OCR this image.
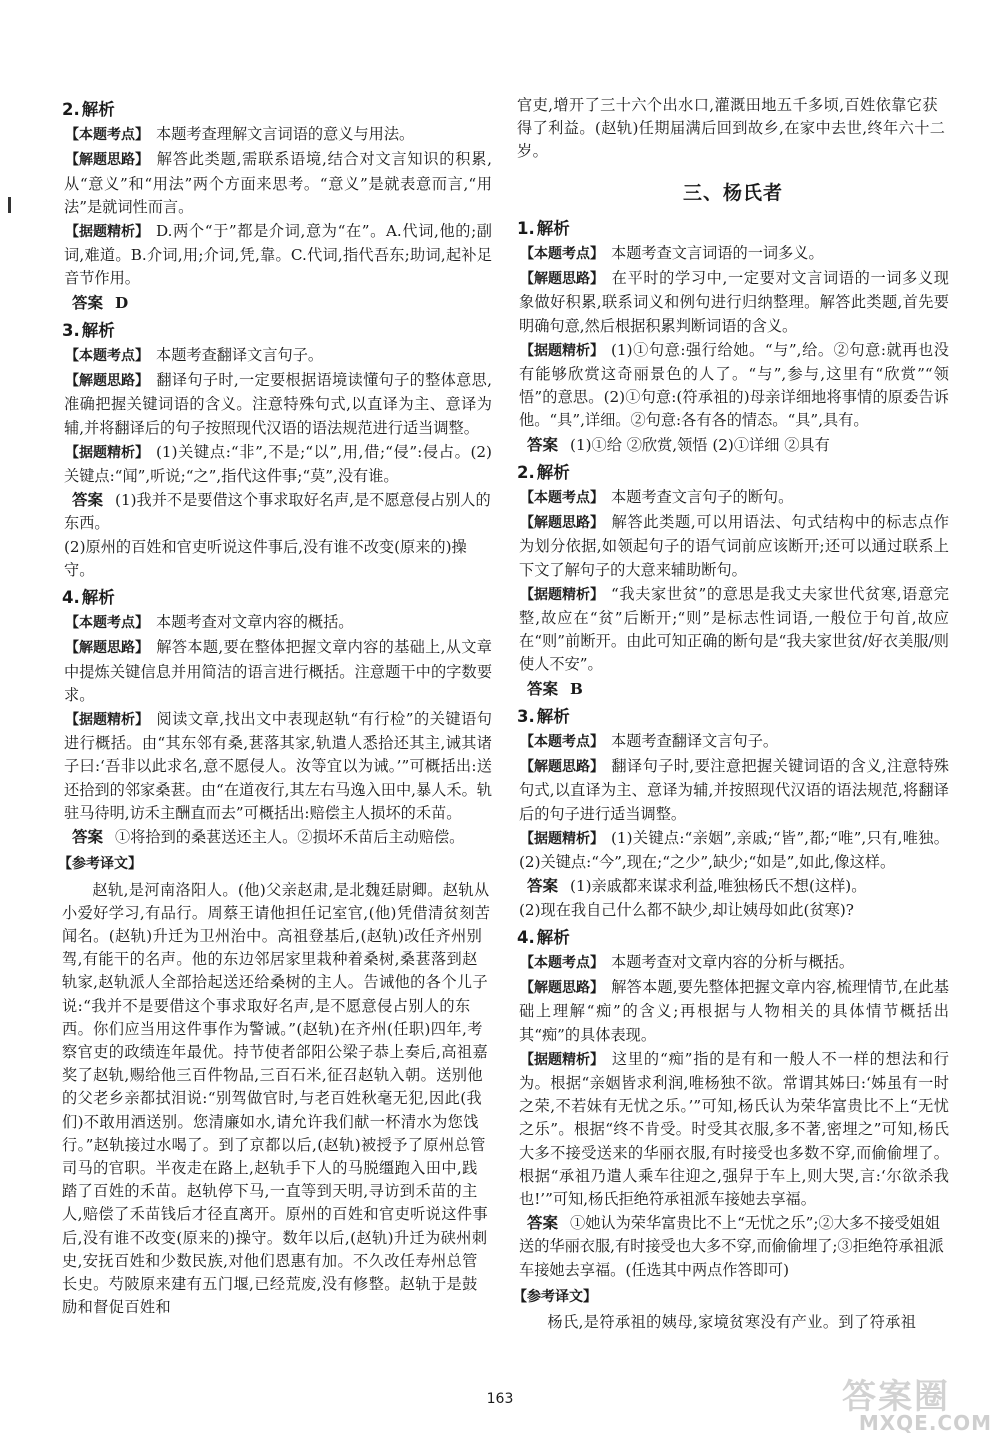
2. 解析

【 本题考点 】 本题考查理解文言词语的意义与用法。

【 解题思路 】 解答此类题,需联系语境,结合对文言知识的积累,从“意义”和“用法”两个方面来思考。“意义”是就表意而言,“用法”是就词性而言。

【 据题精析 】 D.两个“于”都是介词,意为“在”。A.代词,他的;副词,难道。B.介词,用;介词,凭,靠。C.代词,指代吾东;助词,起补足音节作用。

答案 D
3. 解析

【 本题考点 】 本题考查翻译文言句子。

【 解题思路 】 翻译句子时,一定要根据语境读懂句子的整体意思,准确把握关键词语的含义。注意特殊句式,以直译为主、意译为辅,并将翻译后的句子按照现代汉语的语法规范进行适当调整。

【 据题精析 】 (1)关键点:“非”,不是;“以”,用,借;“侵”:侵占。(2)关键点:“闻”,听说;“之”,指代这件事;“莫”,没有谁。

答案 (1)我并不是要借这个事求取好名声,是不愿意侵占别人的东西。

(2)原州的百姓和官吏听说这件事后,没有谁不改变(原来的)操守。

4. 解析

【 本题考点 】 本题考查对文章内容的概括。

【 解题思路 】 解答本题,要在整体把握文章内容的基础上,从文章中提炼关键信息并用简洁的语言进行概括。注意题干中的字数要求。

【 据题精析 】 阅读文章,找出文中表现赵轨“有行检”的关键语句进行概括。由“其东邻有桑,葚落其家,轨遣人悉拾还其主,诫其诸子曰:‘吾非以此求名,意不愿侵人。汝等宜以为诫。’”可概括出:送还拾到的邻家桑葚。由“在道夜行,其左右马逸入田中,暴人禾。轨驻马待明,访禾主酬直而去”可概括出:赔偿主人损坏的禾苗。

答案 ①将拾到的桑葚送还主人。②损坏禾苗后主动赔偿。
【 参考译文 】

赵轨,是河南洛阳人。(他)父亲赵肃,是北魏廷尉卿。赵轨从小爱好学习,有品行。周蔡王请他担任记室官,(他)凭借清贫刻苦闻名。(赵轨)升迁为卫州治中。高祖登基后,(赵轨)改任齐州别驾,有能干的名声。他的东边邻居家里栽种着桑树,桑葚落到赵轨家,赵轨派人全部拾起送还给桑树的主人。告诫他的各个儿子说:“我并不是要借这个事求取好名声,是不愿意侵占别人的东西。你们应当用这件事作为警诫。”(赵轨)在齐州(任职)四年,考察官吏的政绩连年最优。持节使者郃阳公梁子恭上奏后,高祖嘉奖了赵轨,赐给他三百件物品,三百石米,征召赵轨入朝。送别他的父老乡亲都拭泪说:“别驾做官时,与老百姓秋毫无犯,因此(我们)不敢用酒送别。您清廉如水,请允许我们献一杯清水为您饯行。”赵轨接过水喝了。到了京都以后,(赵轨)被授予了原州总管司马的官职。半夜走在路上,赵轨手下人的马脱缰跑入田中,践踏了百姓的禾苗。赵轨停下马,一直等到天明,寻访到禾苗的主人,赔偿了禾苗钱后才径直离开。原州的百姓和官吏听说这件事后,没有谁不改变(原来的)操守。数年以后,(赵轨)升迁为硖州刺史,安抚百姓和少数民族,对他们恩惠有加。不久改任寿州总管长史。芍陂原来建有五门堰,已经荒废,没有修整。赵轨于是鼓励和督促百姓和

官吏,增开了三十六个出水口,灌溉田地五千多顷,百姓依靠它获得了利益。(赵轨)任期届满后回到故乡,在家中去世,终年六十二岁。

三、杨氏者
1. 解析

【 本题考点 】 本题考查文言词语的一词多义。

【 解题思路 】 在平时的学习中,一定要对文言词语的一词多义现象做好积累,联系词义和例句进行归纳整理。解答此类题,首先要明确句意,然后根据积累判断词语的含义。

【 据题精析 】 (1)①句意:强行给她。“与”,给。②句意:就再也没有能够欣赏这奇丽景色的人了。“与”,参与,这里有“欣赏”“领悟”的意思。(2)①句意:(符承祖的)母亲详细地将事情的原委告诉他。“具”,详细。②句意:各有各的情态。“具”,具有。

答案 (1)①给 ②欣赏,领悟 (2)①详细 ②具有
2. 解析

【 本题考点 】 本题考查文言句子的断句。

【 解题思路 】 解答此类题,可以用语法、句式结构中的标志点作为划分依据,如领起句子的语气词前应该断开;还可以通过联系上下文了解句子的大意来辅助断句。

【 据题精析 】 “我夫家世贫”的意思是我丈夫家世代贫寒,语意完整,故应在“贫”后断开;“则”是标志性词语,一般位于句首,故应在“则”前断开。由此可知正确的断句是“我夫家世贫/好衣美服/则使人不安”。

答案 B
3. 解析

【 本题考点 】 本题考查翻译文言句子。

【 解题思路 】 翻译句子时,要注意把握关键词语的含义,注意特殊句式,以直译为主、意译为辅,并按照现代汉语的语法规范,将翻译后的句子进行适当调整。

【 据题精析 】 (1)关键点:“亲姻”,亲戚;“皆”,都;“唯”,只有,唯独。(2)关键点:“今”,现在;“之少”,缺少;“如是”,如此,像这样。

答案 (1)亲戚都来谋求利益,唯独杨氏不想(这样)。

(2)现在我自己什么都不缺少,却让姨母如此(贫寒)?

4. 解析

【 本题考点 】 本题考查对文章内容的分析与概括。

【 解题思路 】 解答本题,要先整体把握文章内容,梳理情节,在此基础上理解“痴”的含义;再根据与人物相关的具体情节概括出其“痴”的具体表现。

【 据题精析 】 这里的“痴”指的是有和一般人不一样的想法和行为。根据“亲姻皆求利润,唯杨独不欲。常谓其姊曰:‘姊虽有一时之荣,不若妹有无忧之乐。’”可知,杨氏认为荣华富贵比不上“无忧之乐”。根据“终不肯受。时受其衣服,多不著,密埋之”可知,杨氏大多不接受送来的华丽衣服,有时接受也多数不穿,而偷偷埋了。根据“承祖乃遣人乘车往迎之,强舁于车上,则大哭,言:‘尔欲杀我也!’”可知,杨氏拒绝符承祖派车接她去享福。

答案 ①她认为荣华富贵比不上“无忧之乐”;②大多不接受姐姐送的华丽衣服,有时接受也大多不穿,而偷偷埋了;③拒绝符承祖派车接她去享福。(任选其中两点作答即可)
【 参考译文 】

杨氏,是符承祖的姨母,家境贫寒没有产业。到了符承祖

163	答案圈
MXQE.COM
